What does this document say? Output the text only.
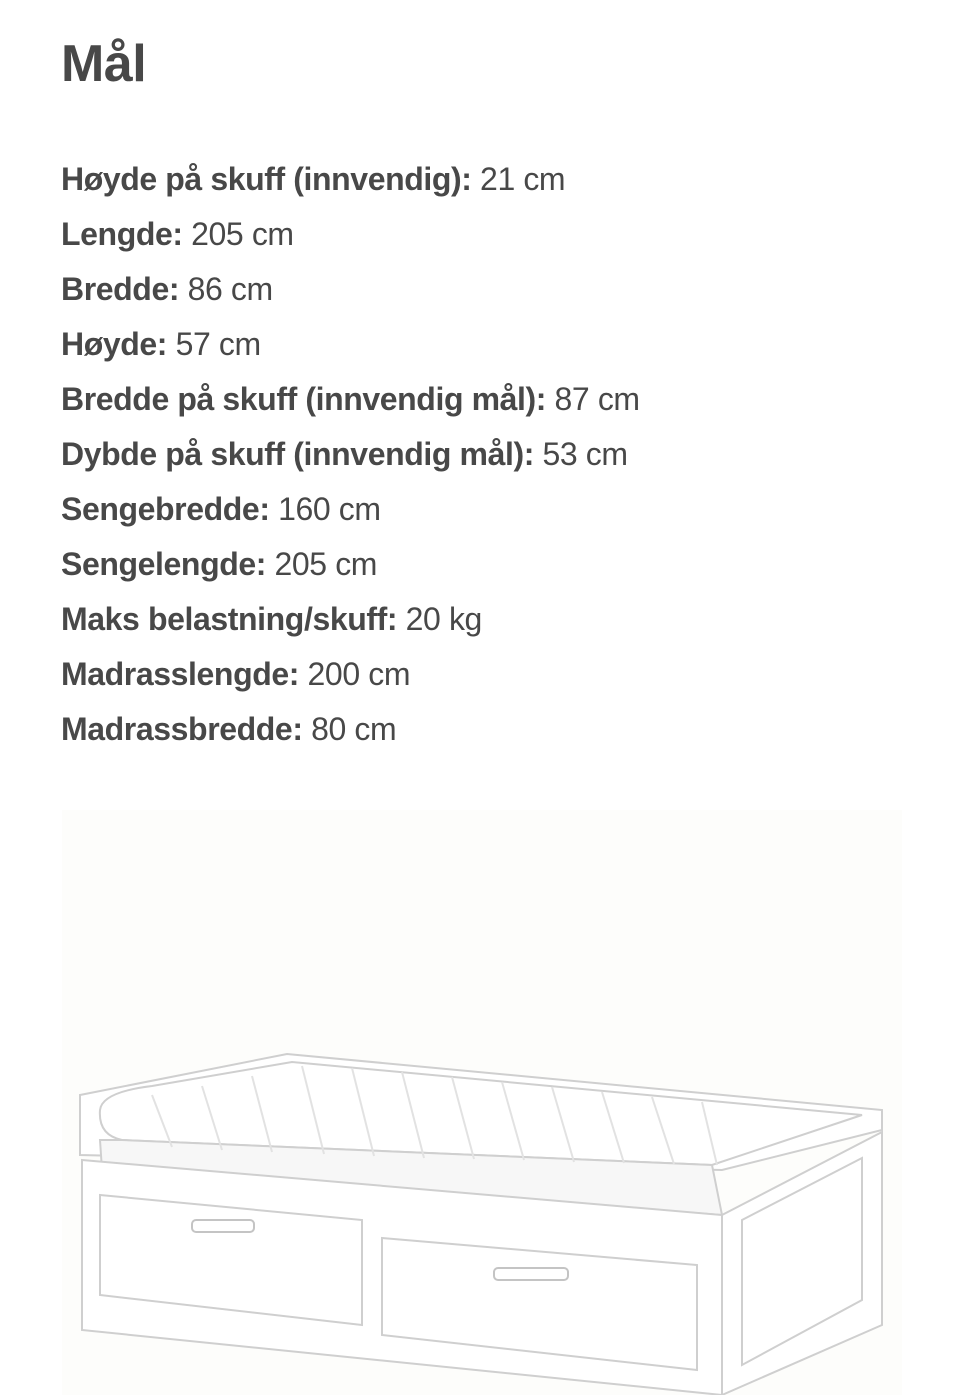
Mål
Høyde på skuff (innvendig): 21 cm
Lengde: 205 cm
Bredde: 86 cm
Høyde: 57 cm
Bredde på skuff (innvendig mål): 87 cm
Dybde på skuff (innvendig mål): 53 cm
Sengebredde: 160 cm
Sengelengde: 205 cm
Maks belastning/skuff: 20 kg
Madrasslengde: 200 cm
Madrassbredde: 80 cm
